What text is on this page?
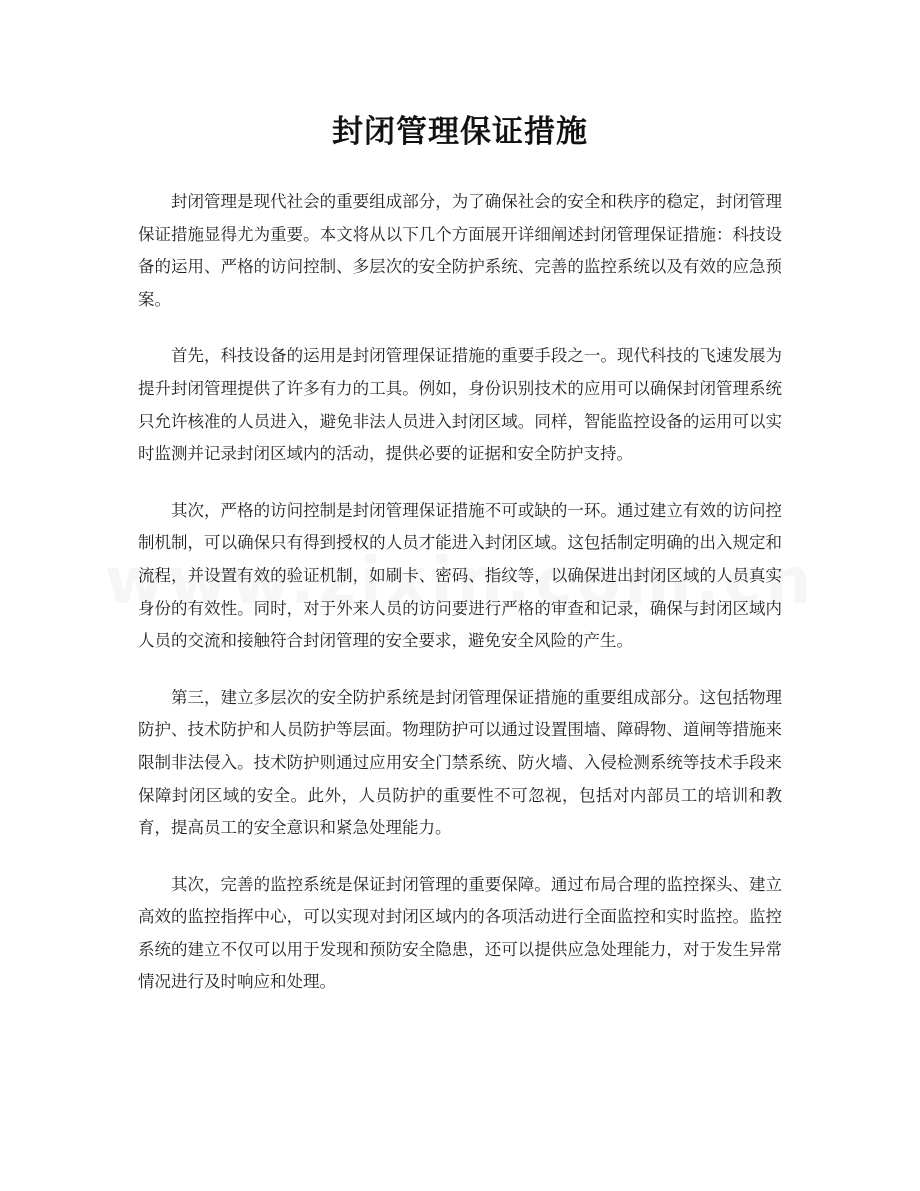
封闭管理保证措施

封闭管理是现代社会的重要组成部分，为了确保社会的安全和秩序的稳定，封闭管理保证措施显得尤为重要。本文将从以下几个方面展开详细阐述封闭管理保证措施：科技设备的运用、严格的访问控制、多层次的安全防护系统、完善的监控系统以及有效的应急预案。

首先，科技设备的运用是封闭管理保证措施的重要手段之一。现代科技的飞速发展为提升封闭管理提供了许多有力的工具。例如，身份识别技术的应用可以确保封闭管理系统只允许核准的人员进入，避免非法人员进入封闭区域。同样，智能监控设备的运用可以实时监测并记录封闭区域内的活动，提供必要的证据和安全防护支持。

其次，严格的访问控制是封闭管理保证措施不可或缺的一环。通过建立有效的访问控制机制，可以确保只有得到授权的人员才能进入封闭区域。这包括制定明确的出入规定和流程，并设置有效的验证机制，如刷卡、密码、指纹等，以确保进出封闭区域的人员真实身份的有效性。同时，对于外来人员的访问要进行严格的审查和记录，确保与封闭区域内人员的交流和接触符合封闭管理的安全要求，避免安全风险的产生。

第三，建立多层次的安全防护系统是封闭管理保证措施的重要组成部分。这包括物理防护、技术防护和人员防护等层面。物理防护可以通过设置围墙、障碍物、道闸等措施来限制非法侵入。技术防护则通过应用安全门禁系统、防火墙、入侵检测系统等技术手段来保障封闭区域的安全。此外，人员防护的重要性不可忽视，包括对内部员工的培训和教育，提高员工的安全意识和紧急处理能力。

其次，完善的监控系统是保证封闭管理的重要保障。通过布局合理的监控探头、建立高效的监控指挥中心，可以实现对封闭区域内的各项活动进行全面监控和实时监控。监控系统的建立不仅可以用于发现和预防安全隐患，还可以提供应急处理能力，对于发生异常情况进行及时响应和处理。
